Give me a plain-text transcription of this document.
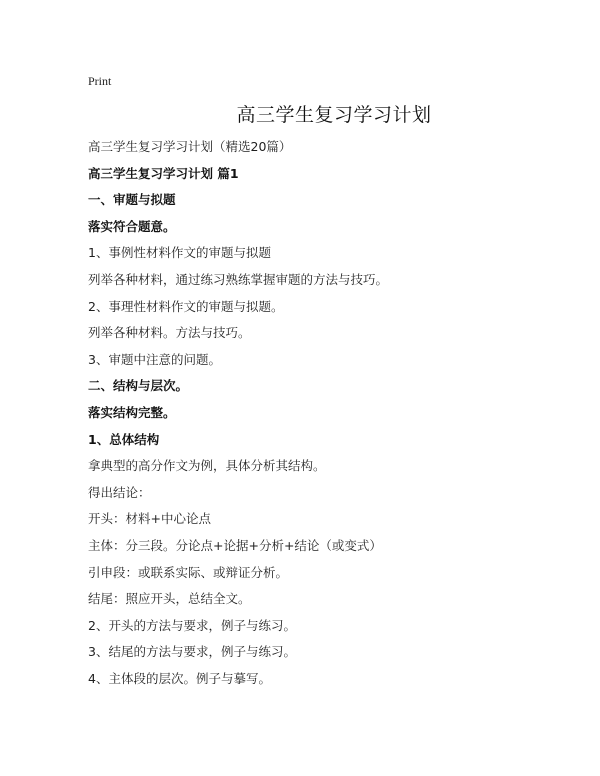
Print
高三学生复习学习计划
高三学生复习学习计划（精选20篇）
高三学生复习学习计划 篇1
一、审题与拟题
落实符合题意。
1、事例性材料作文的审题与拟题
列举各种材料，通过练习熟练掌握审题的方法与技巧。
2、事理性材料作文的审题与拟题。
列举各种材料。方法与技巧。
3、审题中注意的问题。
二、结构与层次。
落实结构完整。
1、总体结构
拿典型的高分作文为例，具体分析其结构。
得出结论：
开头：材料+中心论点
主体：分三段。分论点+论据+分析+结论（或变式）
引申段：或联系实际、或辩证分析。
结尾：照应开头，总结全文。
2、开头的方法与要求，例子与练习。
3、结尾的方法与要求，例子与练习。
4、主体段的层次。例子与摹写。
